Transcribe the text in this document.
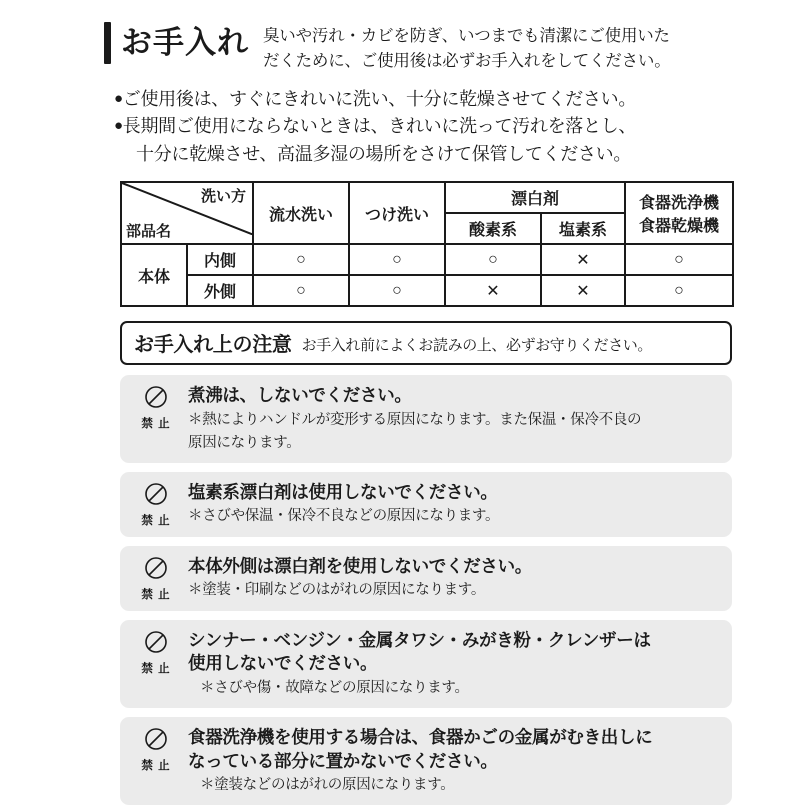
お手入れ 臭いや汚れ・カビを防ぎ、いつまでも清潔にご使用いただくために、ご使用後は必ずお手入れをしてください。
●ご使用後は、すぐにきれいに洗い、十分に乾燥させてください。
●長期間ご使用にならないときは、きれいに洗って汚れを落とし、
十分に乾燥させ、高温多湿の場所をさけて保管してください。
洗い方
部品名
	流水洗い	つけ洗い	漂白剤	食器洗浄機
食器乾燥機

				酸素系	塩素系	
本体	内側	○	○	○	✕	○
	外側	○	○	✕	✕	○
お手入れ上の注意 お手入れ前によくお読みの上、必ずお守りください。
禁 止
煮沸は、しないでください。
＊熱によりハンドルが変形する原因になります。また保温・保冷不良の
原因になります。
禁 止
塩素系漂白剤は使用しないでください。
＊さびや保温・保冷不良などの原因になります。
禁 止
本体外側は漂白剤を使用しないでください。
＊塗装・印刷などのはがれの原因になります。
禁 止
シンナー・ベンジン・金属タワシ・みがき粉・クレンザーは
使用しないでください。
＊さびや傷・故障などの原因になります。
禁 止
食器洗浄機を使用する場合は、食器かごの金属がむき出しに
なっている部分に置かないでください。
＊塗装などのはがれの原因になります。
